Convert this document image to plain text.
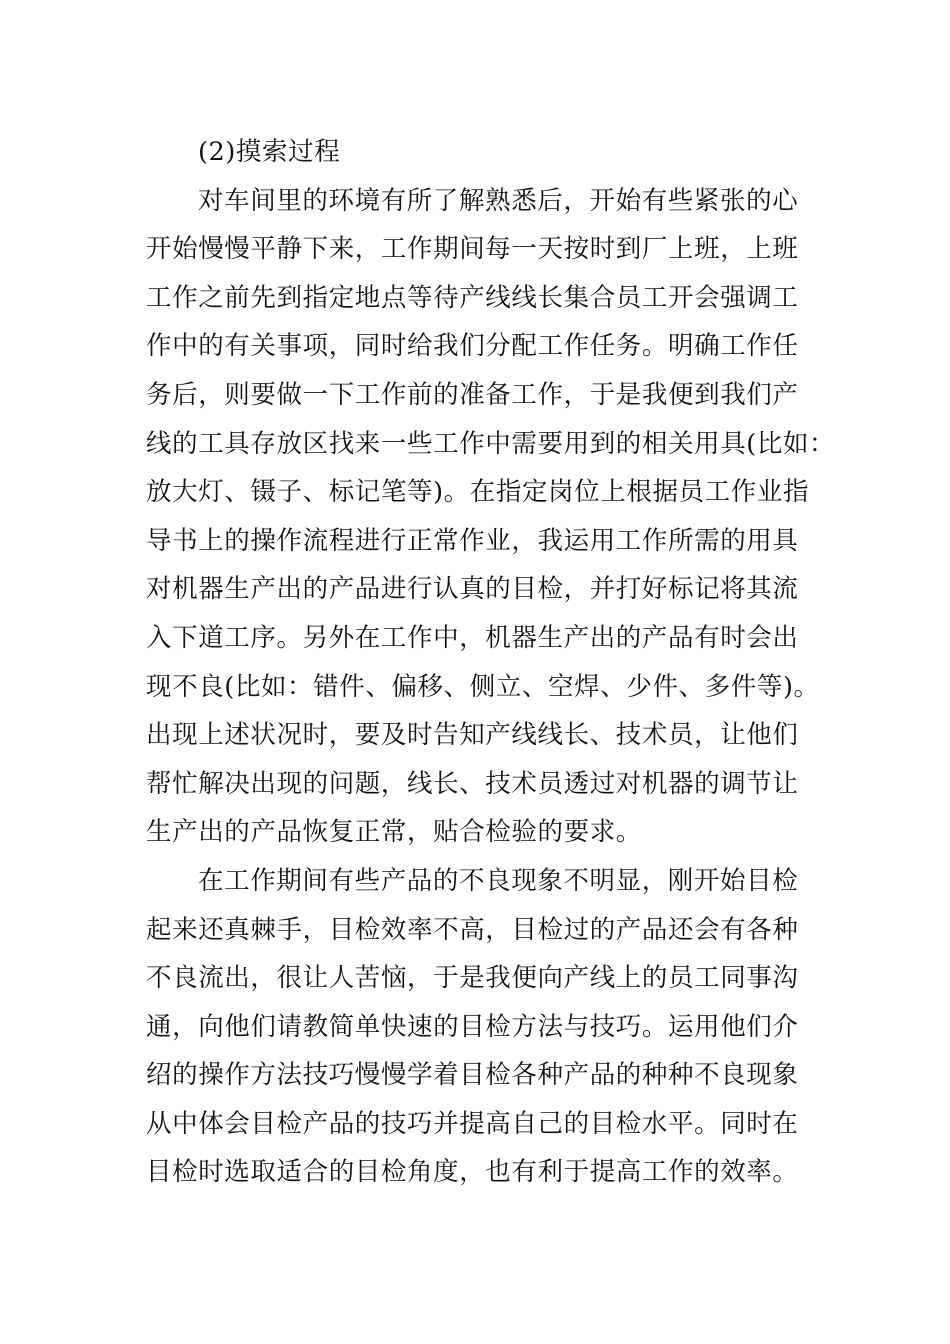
(2)摸索过程
对车间里的环境有所了解熟悉后，开始有些紧张的心
开始慢慢平静下来，工作期间每一天按时到厂上班，上班
工作之前先到指定地点等待产线线长集合员工开会强调工
作中的有关事项，同时给我们分配工作任务。明确工作任
务后，则要做一下工作前的准备工作，于是我便到我们产
线的工具存放区找来一些工作中需要用到的相关用具(比如：
放大灯、镊子、标记笔等)。在指定岗位上根据员工作业指
导书上的操作流程进行正常作业，我运用工作所需的用具
对机器生产出的产品进行认真的目检，并打好标记将其流
入下道工序。另外在工作中，机器生产出的产品有时会出
现不良(比如：错件、偏移、侧立、空焊、少件、多件等)。
出现上述状况时，要及时告知产线线长、技术员，让他们
帮忙解决出现的问题，线长、技术员透过对机器的调节让
生产出的产品恢复正常，贴合检验的要求。
在工作期间有些产品的不良现象不明显，刚开始目检
起来还真棘手，目检效率不高，目检过的产品还会有各种
不良流出，很让人苦恼，于是我便向产线上的员工同事沟
通，向他们请教简单快速的目检方法与技巧。运用他们介
绍的操作方法技巧慢慢学着目检各种产品的种种不良现象
从中体会目检产品的技巧并提高自己的目检水平。同时在
目检时选取适合的目检角度，也有利于提高工作的效率。
